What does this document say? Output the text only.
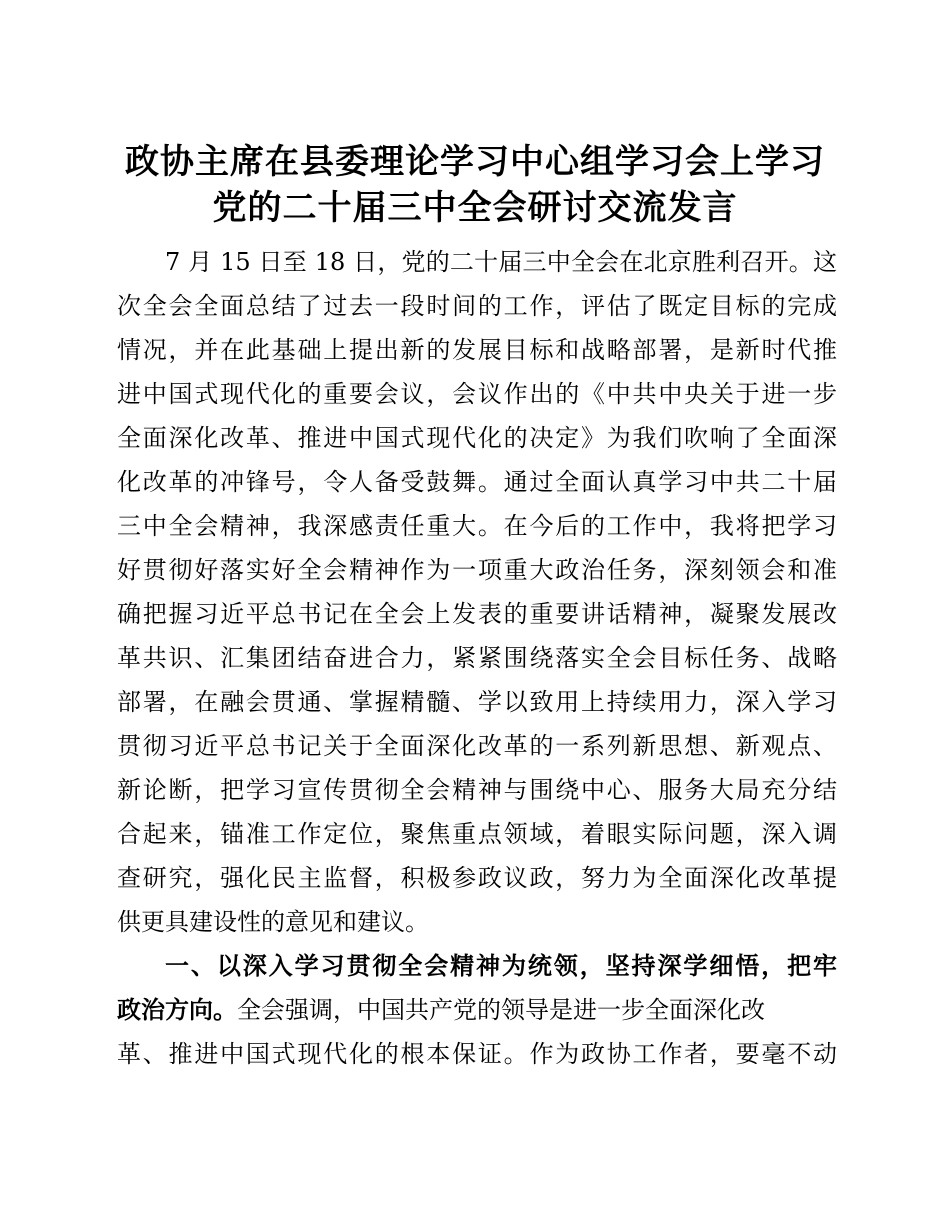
政协主席在县委理论学习中心组学习会上学习
党的二十届三中全会研讨交流发言
7 月 15 日至 18 日，党的二十届三中全会在北京胜利召开。这
次全会全面总结了过去一段时间的工作，评估了既定目标的完成
情况，并在此基础上提出新的发展目标和战略部署，是新时代推
进中国式现代化的重要会议，会议作出的《中共中央关于进一步
全面深化改革、推进中国式现代化的决定》为我们吹响了全面深
化改革的冲锋号，令人备受鼓舞。通过全面认真学习中共二十届
三中全会精神，我深感责任重大。在今后的工作中，我将把学习
好贯彻好落实好全会精神作为一项重大政治任务，深刻领会和准
确把握习近平总书记在全会上发表的重要讲话精神，凝聚发展改
革共识、汇集团结奋进合力，紧紧围绕落实全会目标任务、战略
部署，在融会贯通、掌握精髓、学以致用上持续用力，深入学习
贯彻习近平总书记关于全面深化改革的一系列新思想、新观点、
新论断，把学习宣传贯彻全会精神与围绕中心、服务大局充分结
合起来，锚准工作定位，聚焦重点领域，着眼实际问题，深入调
查研究，强化民主监督，积极参政议政，努力为全面深化改革提
供更具建设性的意见和建议。
一、以深入学习贯彻全会精神为统领，坚持深学细悟，把牢
政治方向。全会强调，中国共产党的领导是进一步全面深化改
革、推进中国式现代化的根本保证。作为政协工作者，要毫不动
